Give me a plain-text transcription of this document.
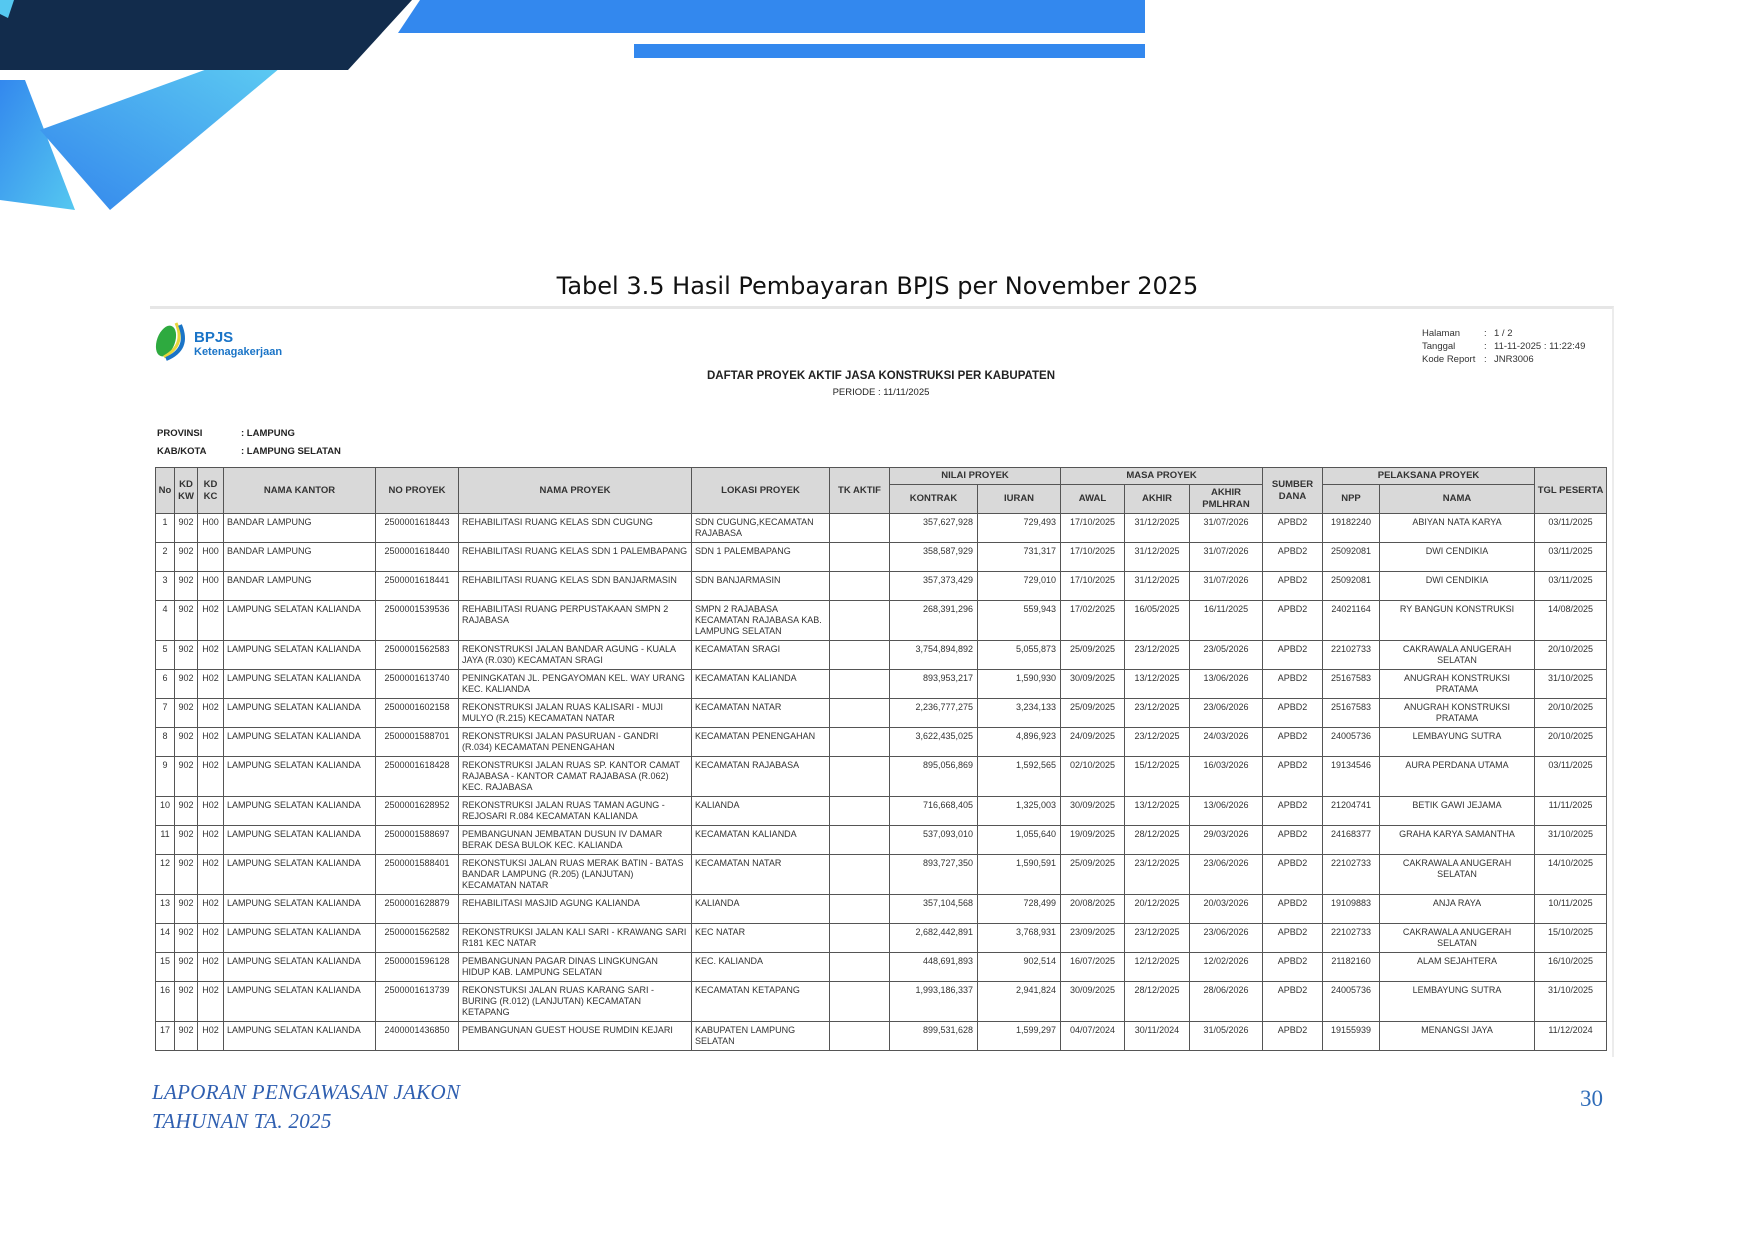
Tabel 3.5 Hasil Pembayaran BPJS per November 2025
BPJS
Ketenagakerjaan
Halaman	: 1 / 2
Tanggal	: 11-11-2025 : 11:22:49
Kode Report : JNR3006
DAFTAR PROYEK AKTIF JASA KONSTRUKSI PER KABUPATEN
PERIODE : 11/11/2025
PROVINSI	: LAMPUNG
KAB/KOTA	: LAMPUNG SELATAN
No	KD KW	KD KC	NAMA KANTOR	NO PROYEK	NAMA PROYEK	LOKASI PROYEK	TK AKTIF	NILAI PROYEK		MASA PROYEK			SUMBER DANA	PELAKSANA PROYEK		TGL PESERTA
								KONTRAK	IURAN	AWAL	AKHIR	AKHIR PMLHRAN		NPP	NAMA	
1	902	H00	BANDAR LAMPUNG	2500001618443	REHABILITASI RUANG KELAS SDN CUGUNG	SDN CUGUNG,KECAMATAN RAJABASA		357,627,928	729,493	17/10/2025	31/12/2025	31/07/2026	APBD2	19182240	ABIYAN NATA KARYA	03/11/2025
2	902	H00	BANDAR LAMPUNG	2500001618440	REHABILITASI RUANG KELAS SDN 1 PALEMBAPANG	SDN 1 PALEMBAPANG		358,587,929	731,317	17/10/2025	31/12/2025	31/07/2026	APBD2	25092081	DWI CENDIKIA	03/11/2025
3	902	H00	BANDAR LAMPUNG	2500001618441	REHABILITASI RUANG KELAS SDN BANJARMASIN	SDN BANJARMASIN		357,373,429	729,010	17/10/2025	31/12/2025	31/07/2026	APBD2	25092081	DWI CENDIKIA	03/11/2025
4	902	H02	LAMPUNG SELATAN KALIANDA	2500001539536	REHABILITASI RUANG PERPUSTAKAAN SMPN 2 RAJABASA	SMPN 2 RAJABASA KECAMATAN RAJABASA KAB. LAMPUNG SELATAN		268,391,296	559,943	17/02/2025	16/05/2025	16/11/2025	APBD2	24021164	RY BANGUN KONSTRUKSI	14/08/2025
5	902	H02	LAMPUNG SELATAN KALIANDA	2500001562583	REKONSTRUKSI JALAN BANDAR AGUNG - KUALA JAYA (R.030) KECAMATAN SRAGI	KECAMATAN SRAGI		3,754,894,892	5,055,873	25/09/2025	23/12/2025	23/05/2026	APBD2	22102733	CAKRAWALA ANUGERAH SELATAN	20/10/2025
6	902	H02	LAMPUNG SELATAN KALIANDA	2500001613740	PENINGKATAN JL. PENGAYOMAN KEL. WAY URANG KEC. KALIANDA	KECAMATAN KALIANDA		893,953,217	1,590,930	30/09/2025	13/12/2025	13/06/2026	APBD2	25167583	ANUGRAH KONSTRUKSI PRATAMA	31/10/2025
7	902	H02	LAMPUNG SELATAN KALIANDA	2500001602158	REKONSTRUKSI JALAN RUAS KALISARI - MUJI MULYO (R.215) KECAMATAN NATAR	KECAMATAN NATAR		2,236,777,275	3,234,133	25/09/2025	23/12/2025	23/06/2026	APBD2	25167583	ANUGRAH KONSTRUKSI PRATAMA	20/10/2025
8	902	H02	LAMPUNG SELATAN KALIANDA	2500001588701	REKONSTRUKSI JALAN PASURUAN - GANDRI (R.034) KECAMATAN PENENGAHAN	KECAMATAN PENENGAHAN		3,622,435,025	4,896,923	24/09/2025	23/12/2025	24/03/2026	APBD2	24005736	LEMBAYUNG SUTRA	20/10/2025
9	902	H02	LAMPUNG SELATAN KALIANDA	2500001618428	REKONSTRUKSI JALAN RUAS SP. KANTOR CAMAT RAJABASA - KANTOR CAMAT RAJABASA (R.062) KEC. RAJABASA	KECAMATAN RAJABASA		895,056,869	1,592,565	02/10/2025	15/12/2025	16/03/2026	APBD2	19134546	AURA PERDANA UTAMA	03/11/2025
10	902	H02	LAMPUNG SELATAN KALIANDA	2500001628952	REKONSTRUKSI JALAN RUAS TAMAN AGUNG - REJOSARI R.084 KECAMATAN KALIANDA	KALIANDA		716,668,405	1,325,003	30/09/2025	13/12/2025	13/06/2026	APBD2	21204741	BETIK GAWI JEJAMA	11/11/2025
11	902	H02	LAMPUNG SELATAN KALIANDA	2500001588697	PEMBANGUNAN JEMBATAN DUSUN IV DAMAR BERAK DESA BULOK KEC. KALIANDA	KECAMATAN KALIANDA		537,093,010	1,055,640	19/09/2025	28/12/2025	29/03/2026	APBD2	24168377	GRAHA KARYA SAMANTHA	31/10/2025
12	902	H02	LAMPUNG SELATAN KALIANDA	2500001588401	REKONSTUKSI JALAN RUAS MERAK BATIN - BATAS BANDAR LAMPUNG (R.205) (LANJUTAN) KECAMATAN NATAR	KECAMATAN NATAR		893,727,350	1,590,591	25/09/2025	23/12/2025	23/06/2026	APBD2	22102733	CAKRAWALA ANUGERAH SELATAN	14/10/2025
13	902	H02	LAMPUNG SELATAN KALIANDA	2500001628879	REHABILITASI MASJID AGUNG KALIANDA	KALIANDA		357,104,568	728,499	20/08/2025	20/12/2025	20/03/2026	APBD2	19109883	ANJA RAYA	10/11/2025
14	902	H02	LAMPUNG SELATAN KALIANDA	2500001562582	REKONSTRUKSI JALAN KALI SARI - KRAWANG SARI R181 KEC NATAR	KEC NATAR		2,682,442,891	3,768,931	23/09/2025	23/12/2025	23/06/2026	APBD2	22102733	CAKRAWALA ANUGERAH SELATAN	15/10/2025
15	902	H02	LAMPUNG SELATAN KALIANDA	2500001596128	PEMBANGUNAN PAGAR DINAS LINGKUNGAN HIDUP KAB. LAMPUNG SELATAN	KEC. KALIANDA		448,691,893	902,514	16/07/2025	12/12/2025	12/02/2026	APBD2	21182160	ALAM SEJAHTERA	16/10/2025
16	902	H02	LAMPUNG SELATAN KALIANDA	2500001613739	REKONSTUKSI JALAN RUAS KARANG SARI - BURING (R.012) (LANJUTAN) KECAMATAN KETAPANG	KECAMATAN KETAPANG		1,993,186,337	2,941,824	30/09/2025	28/12/2025	28/06/2026	APBD2	24005736	LEMBAYUNG SUTRA	31/10/2025
17	902	H02	LAMPUNG SELATAN KALIANDA	2400001436850	PEMBANGUNAN GUEST HOUSE RUMDIN KEJARI	KABUPATEN LAMPUNG SELATAN		899,531,628	1,599,297	04/07/2024	30/11/2024	31/05/2026	APBD2	19155939	MENANGSI JAYA	11/12/2024
LAPORAN PENGAWASAN JAKON
TAHUNAN TA. 2025
30
